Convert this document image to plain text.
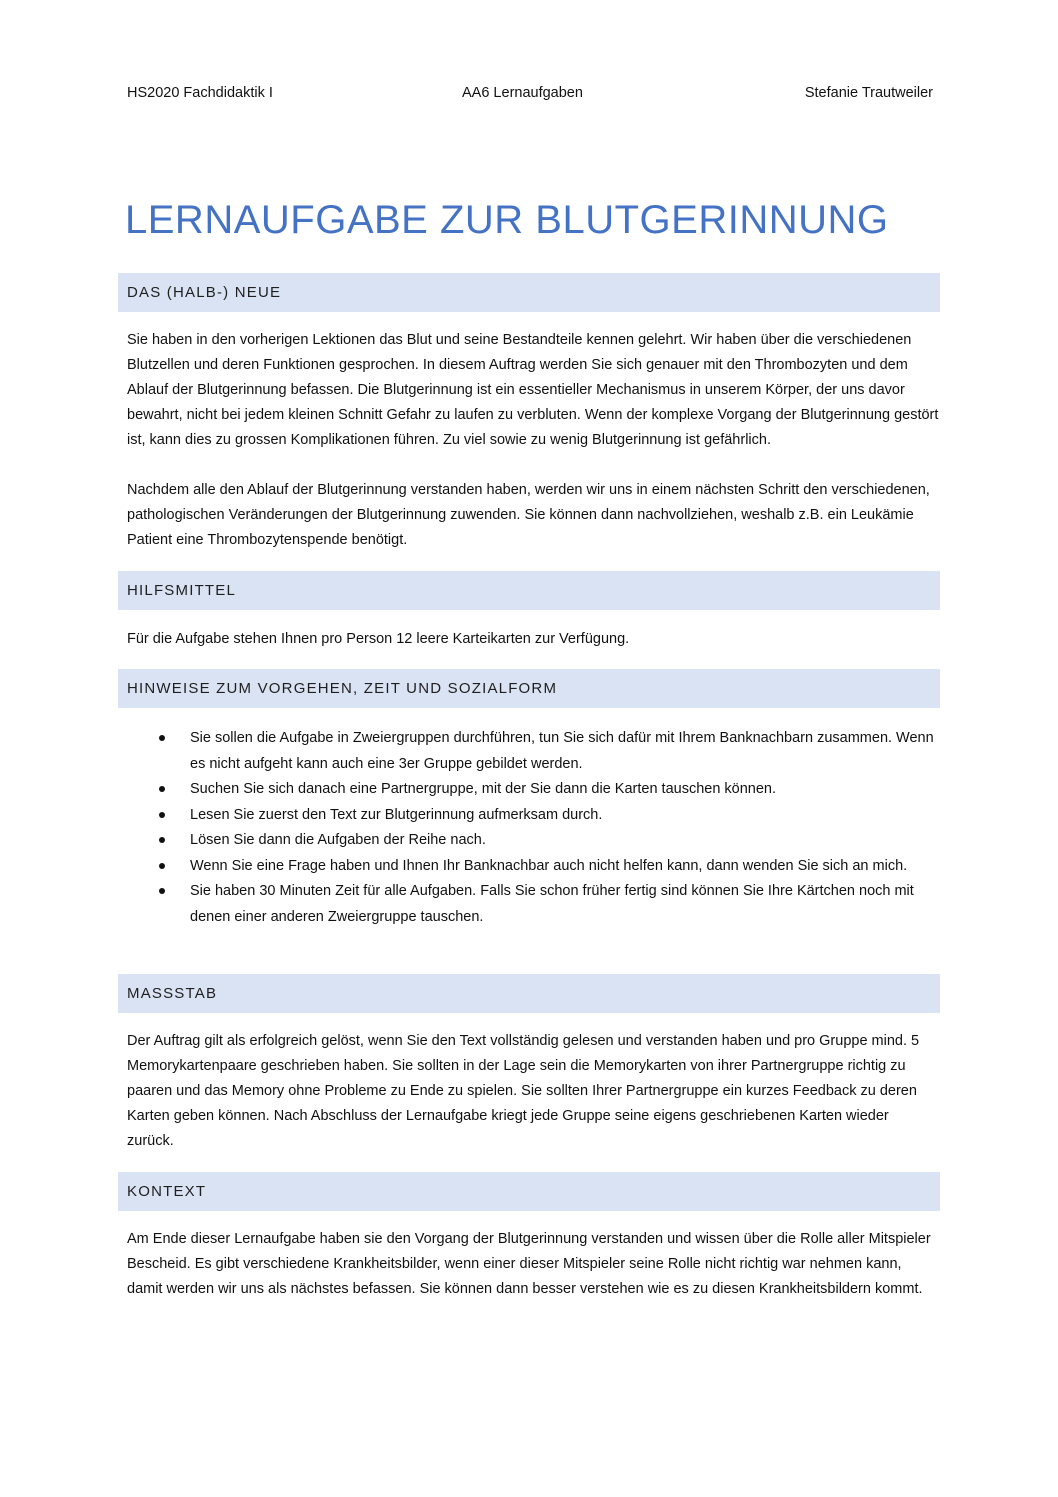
HS2020 Fachdidaktik I	AA6 Lernaufgaben	Stefanie Trautweiler
LERNAUFGABE ZUR BLUTGERINNUNG
DAS (HALB-) NEUE

Sie haben in den vorherigen Lektionen das Blut und seine Bestandteile kennen gelehrt. Wir haben über die verschiedenen Blutzellen und deren Funktionen gesprochen. In diesem Auftrag werden Sie sich genauer mit den Thrombozyten und dem Ablauf der Blutgerinnung befassen. Die Blutgerinnung ist ein essentieller Mechanismus in unserem Körper, der uns davor bewahrt, nicht bei jedem kleinen Schnitt Gefahr zu laufen zu verbluten. Wenn der komplexe Vorgang der Blutgerinnung gestört ist, kann dies zu grossen Komplikationen führen. Zu viel sowie zu wenig Blutgerinnung ist gefährlich.

Nachdem alle den Ablauf der Blutgerinnung verstanden haben, werden wir uns in einem nächsten Schritt den verschiedenen, pathologischen Veränderungen der Blutgerinnung zuwenden. Sie können dann nachvollziehen, weshalb z.B. ein Leukämie Patient eine Thrombozytenspende benötigt.

HILFSMITTEL

Für die Aufgabe stehen Ihnen pro Person 12 leere Karteikarten zur Verfügung.

HINWEISE ZUM VORGEHEN, ZEIT UND SOZIALFORM
Sie sollen die Aufgabe in Zweiergruppen durchführen, tun Sie sich dafür mit Ihrem Banknachbarn zusammen. Wenn es nicht aufgeht kann auch eine 3er Gruppe gebildet werden.
Suchen Sie sich danach eine Partnergruppe, mit der Sie dann die Karten tauschen können.
Lesen Sie zuerst den Text zur Blutgerinnung aufmerksam durch.
Lösen Sie dann die Aufgaben der Reihe nach.
Wenn Sie eine Frage haben und Ihnen Ihr Banknachbar auch nicht helfen kann, dann wenden Sie sich an mich.
Sie haben 30 Minuten Zeit für alle Aufgaben. Falls Sie schon früher fertig sind können Sie Ihre Kärtchen noch mit denen einer anderen Zweiergruppe tauschen.
MASSSTAB

Der Auftrag gilt als erfolgreich gelöst, wenn Sie den Text vollständig gelesen und verstanden haben und pro Gruppe mind. 5 Memorykartenpaare geschrieben haben. Sie sollten in der Lage sein die Memorykarten von ihrer Partnergruppe richtig zu paaren und das Memory ohne Probleme zu Ende zu spielen. Sie sollten Ihrer Partnergruppe ein kurzes Feedback zu deren Karten geben können. Nach Abschluss der Lernaufgabe kriegt jede Gruppe seine eigens geschriebenen Karten wieder zurück.

KONTEXT

Am Ende dieser Lernaufgabe haben sie den Vorgang der Blutgerinnung verstanden und wissen über die Rolle aller Mitspieler Bescheid. Es gibt verschiedene Krankheitsbilder, wenn einer dieser Mitspieler seine Rolle nicht richtig war nehmen kann, damit werden wir uns als nächstes befassen. Sie können dann besser verstehen wie es zu diesen Krankheitsbildern kommt.
